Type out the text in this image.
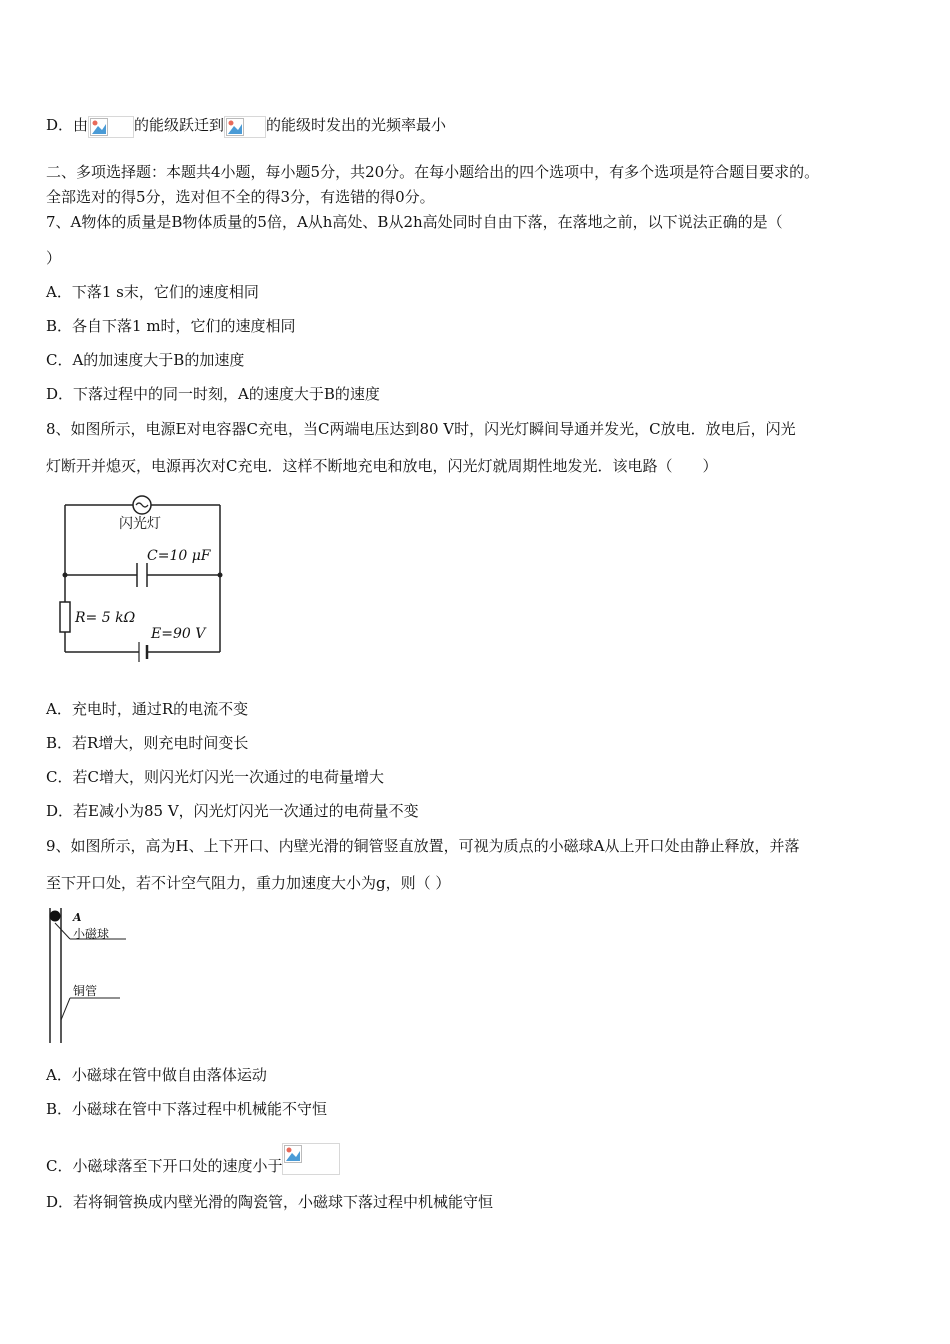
D．由	的能级跃迁到	的能级时发出的光频率最小
二、多项选择题：本题共4小题，每小题5分，共20分。在每小题给出的四个选项中，有多个选项是符合题目要求的。
全部选对的得5分，选对但不全的得3分，有选错的得0分。
7、A物体的质量是B物体质量的5倍，A从h高处、B从2h高处同时自由下落，在落地之前，以下说法正确的是（
）
A．下落1 s末，它们的速度相同
B．各自下落1 m时，它们的速度相同
C．A的加速度大于B的加速度
D．下落过程中的同一时刻，A的速度大于B的速度
8、如图所示，电源E对电容器C充电，当C两端电压达到80 V时，闪光灯瞬间导通并发光，C放电．放电后，闪光
灯断开并熄灭，电源再次对C充电．这样不断地充电和放电，闪光灯就周期性地发光．该电路（　　）
闪光灯
C=10 μF
R= 5 kΩ
E=90 V
A．充电时，通过R的电流不变
B．若R增大，则充电时间变长
C．若C增大，则闪光灯闪光一次通过的电荷量增大
D．若E减小为85 V，闪光灯闪光一次通过的电荷量不变
9、如图所示，高为H、上下开口、内壁光滑的铜管竖直放置，可视为质点的小磁球A从上开口处由静止释放，并落
至下开口处，若不计空气阻力，重力加速度大小为g，则（ ）
A
小磁球
铜管
A．小磁球在管中做自由落体运动
B．小磁球在管中下落过程中机械能不守恒
C．小磁球落至下开口处的速度小于
D．若将铜管换成内壁光滑的陶瓷管，小磁球下落过程中机械能守恒
